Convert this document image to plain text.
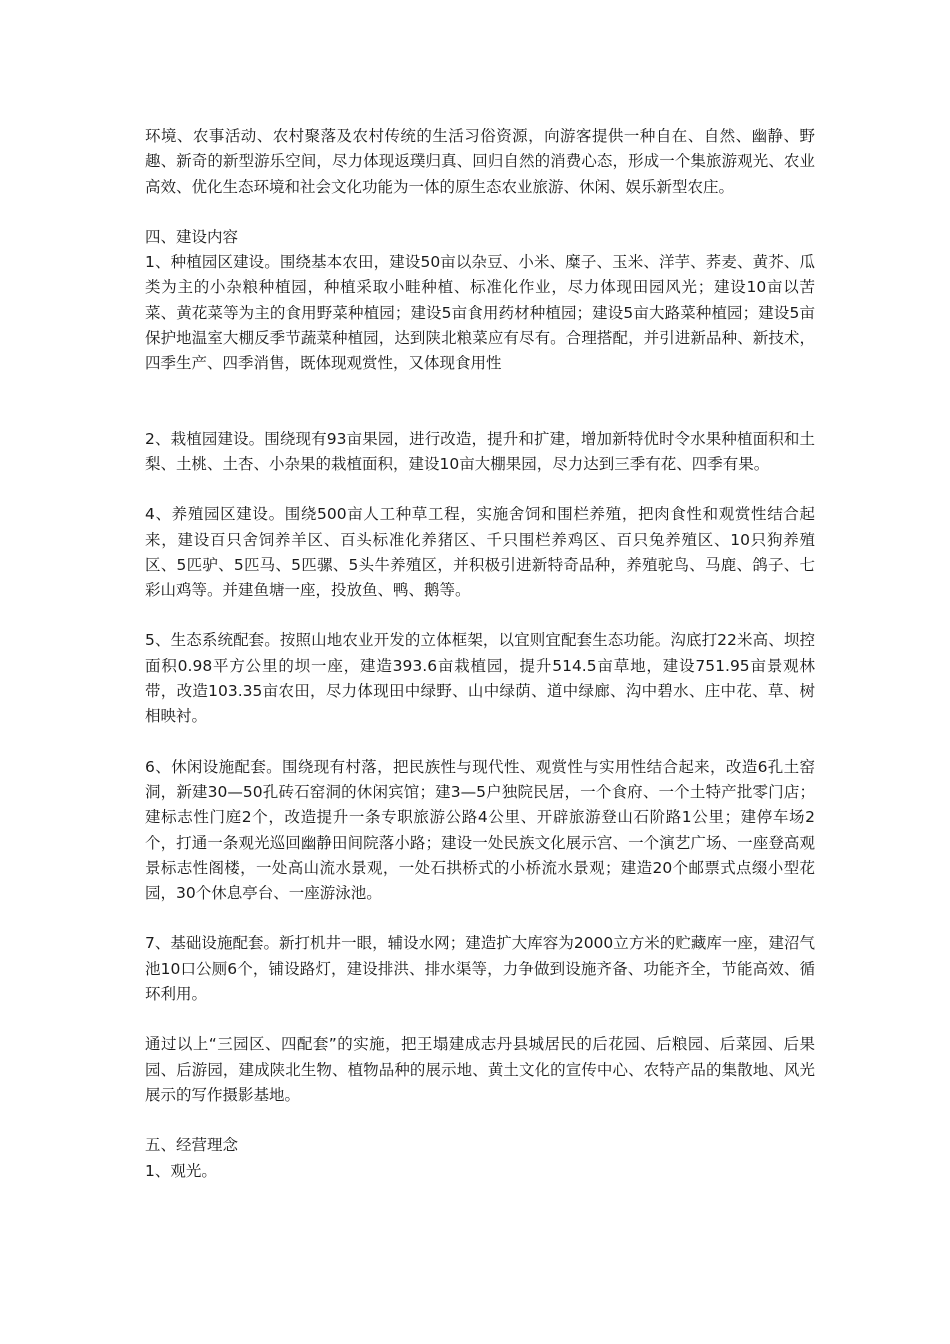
环境、农事活动、农村聚落及农村传统的生活习俗资源，向游客提供一种自在、自然、幽静、野趣、新奇的新型游乐空间，尽力体现返璞归真、回归自然的消费心态，形成一个集旅游观光、农业高效、优化生态环境和社会文化功能为一体的原生态农业旅游、休闲、娱乐新型农庄。

四、建设内容

1、种植园区建设。围绕基本农田，建设50亩以杂豆、小米、糜子、玉米、洋芋、荞麦、黄芥、瓜类为主的小杂粮种植园，种植采取小畦种植、标准化作业，尽力体现田园风光；建设10亩以苦菜、黄花菜等为主的食用野菜种植园；建设5亩食用药材种植园；建设5亩大路菜种植园；建设5亩保护地温室大棚反季节蔬菜种植园，达到陕北粮菜应有尽有。合理搭配，并引进新品种、新技术，四季生产、四季消售，既体现观赏性，又体现食用性

2、栽植园建设。围绕现有93亩果园，进行改造，提升和扩建，增加新特优时令水果种植面积和土梨、土桃、土杏、小杂果的栽植面积，建设10亩大棚果园，尽力达到三季有花、四季有果。

4、养殖园区建设。围绕500亩人工种草工程，实施舍饲和围栏养殖，把肉食性和观赏性结合起来，建设百只舍饲养羊区、百头标准化养猪区、千只围栏养鸡区、百只兔养殖区、10只狗养殖区、5匹驴、5匹马、5匹骡、5头牛养殖区，并积极引进新特奇品种，养殖驼鸟、马鹿、鸽子、七彩山鸡等。并建鱼塘一座，投放鱼、鸭、鹅等。

5、生态系统配套。按照山地农业开发的立体框架，以宜则宜配套生态功能。沟底打22米高、坝控面积0.98平方公里的坝一座，建造393.6亩栽植园，提升514.5亩草地，建设751.95亩景观林带，改造103.35亩农田，尽力体现田中绿野、山中绿荫、道中绿廊、沟中碧水、庄中花、草、树相映衬。

6、休闲设施配套。围绕现有村落，把民族性与现代性、观赏性与实用性结合起来，改造6孔土窑洞，新建30—50孔砖石窑洞的休闲宾馆；建3—5户独院民居，一个食府、一个土特产批零门店；建标志性门庭2个，改造提升一条专职旅游公路4公里、开辟旅游登山石阶路1公里；建停车场2个，打通一条观光巡回幽静田间院落小路；建设一处民族文化展示宫、一个演艺广场、一座登高观景标志性阁楼，一处高山流水景观，一处石拱桥式的小桥流水景观；建造20个邮票式点缀小型花园，30个休息亭台、一座游泳池。

7、基础设施配套。新打机井一眼，辅设水网；建造扩大库容为2000立方米的贮藏库一座，建沼气池10口公厕6个，铺设路灯，建设排洪、排水渠等，力争做到设施齐备、功能齐全，节能高效、循环利用。

通过以上“三园区、四配套”的实施，把王塌建成志丹县城居民的后花园、后粮园、后菜园、后果园、后游园，建成陕北生物、植物品种的展示地、黄土文化的宣传中心、农特产品的集散地、风光展示的写作摄影基地。

五、经营理念

1、观光。
